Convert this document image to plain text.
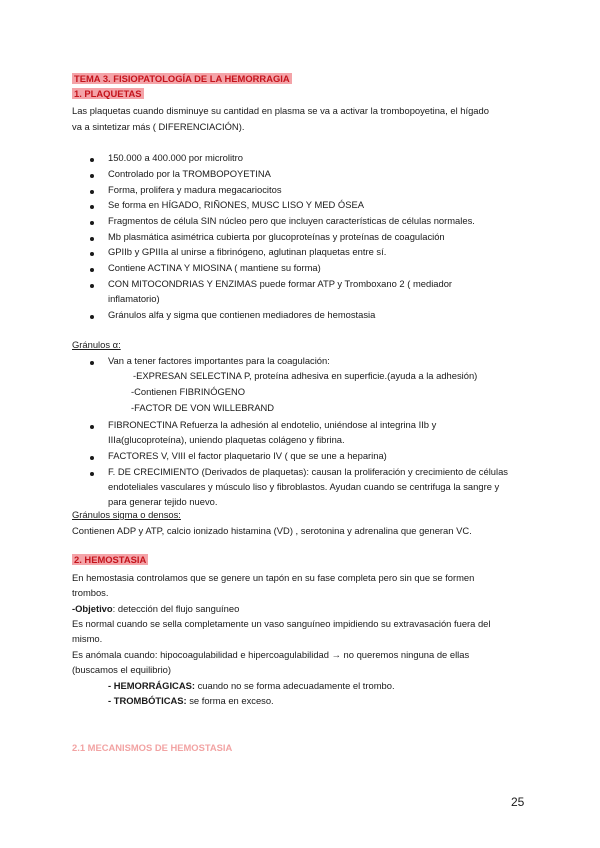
TEMA 3. FISIOPATOLOGÍA DE LA HEMORRAGIA
1. PLAQUETAS
Las plaquetas cuando disminuye su cantidad en plasma se va a activar la trombopoyetina, el hígado
va a sintetizar más ( DIFERENCIACIÓN).
150.000 a 400.000 por microlitro
Controlado por la TROMBOPOYETINA
Forma, prolifera y madura megacariocitos
Se forma en HÍGADO, RIÑONES, MUSC LISO Y MED ÓSEA
Fragmentos de célula SIN núcleo pero que incluyen características de células normales.
Mb plasmática asimétrica cubierta por glucoproteínas y proteínas de coagulación
GPIIb y GPIIIa al unirse a fibrinógeno, aglutinan plaquetas entre sí.
Contiene ACTINA Y MIOSINA ( mantiene su forma)
CON MITOCONDRIAS Y ENZIMAS puede formar ATP y Tromboxano 2 ( mediador
inflamatorio)
Gránulos alfa y sigma que contienen mediadores de hemostasia
Gránulos α:
Van a tener factores importantes para la coagulación:
-EXPRESAN SELECTINA P, proteína adhesiva en superficie.(ayuda a la adhesión)
-Contienen FIBRINÓGENO
-FACTOR DE VON WILLEBRAND
FIBRONECTINA Refuerza la adhesión al endotelio, uniéndose al integrina IIb y
IIIa(glucoproteína), uniendo plaquetas colágeno y fibrina.
FACTORES V, VIII el factor plaquetario IV ( que se une a heparina)
F. DE CRECIMIENTO (Derivados de plaquetas): causan la proliferación y crecimiento de células
endoteliales vasculares y músculo liso y fibroblastos. Ayudan cuando se centrifuga la sangre y
para generar tejido nuevo.
Gránulos sigma o densos:
Contienen ADP y ATP, calcio ionizado histamina (VD) , serotonina y adrenalina que generan VC.
2. HEMOSTASIA
En hemostasia controlamos que se genere un tapón en su fase completa pero sin que se formen
trombos.
-Objetivo: detección del flujo sanguíneo
Es normal cuando se sella completamente un vaso sanguíneo impidiendo su extravasación fuera del
mismo.
Es anómala cuando: hipocoagulabilidad e hipercoagulabilidad → no queremos ninguna de ellas
(buscamos el equilibrio)
- HEMORRÁGICAS: cuando no se forma adecuadamente el trombo.
- TROMBÓTICAS: se forma en exceso.
2.1 MECANISMOS DE HEMOSTASIA
25
